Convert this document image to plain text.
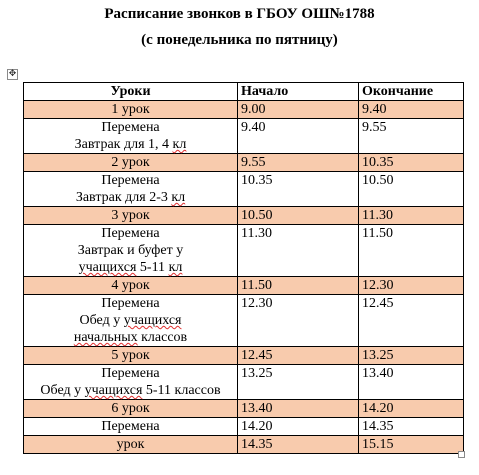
Расписание звонков в ГБОУ ОШ№1788
(с понедельника по пятницу)
✥
Уроки	Начало	Окончание

1 урок	9.00	9.40

Перемена
Завтрак для 1, 4 кл	9.40	9.55

2 урок	9.55	10.35

Перемена
Завтрак для 2-3 кл	10.35	10.50

3 урок	10.50	11.30

Перемена
Завтрак и буфет у
учащихся 5-11 кл	11.30	11.50

4 урок	11.50	12.30

Перемена
Обед у учащихся
начальных классов	12.30	12.45

5 урок	12.45	13.25

Перемена
Обед у учащихся 5-11 классов	13.25	13.40

6 урок	13.40	14.20

Перемена	14.20	14.35

урок	14.35	15.15
